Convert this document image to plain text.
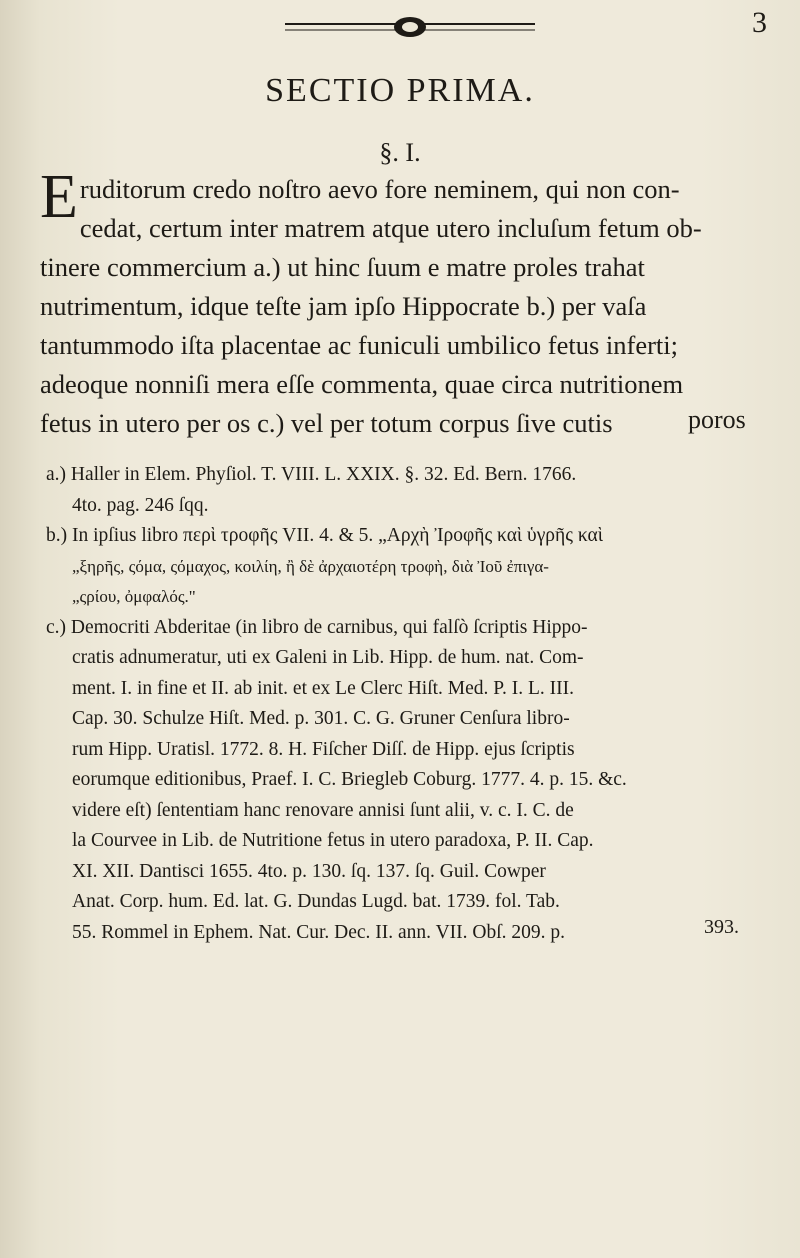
3
SECTIO PRIMA.
§. I.
E ruditorum credo noſtro aevo fore neminem, qui non con-
cedat, certum inter matrem atque utero incluſum fetum ob-
tinere commercium a.) ut hinc ſuum e matre proles trahat
nutrimentum, idque teſte jam ipſo Hippocrate b.) per vaſa
tantummodo iſta placentae ac funiculi umbilico fetus inferti;
adeoque nonniſi mera eſſe commenta, quae circa nutritionem
fetus in utero per os c.) vel per totum corpus ſive cutis	poros
a.) Haller in Elem. Phyſiol. T. VIII. L. XXIX. §. 32. Ed. Bern. 1766.
4to. pag. 246 ſqq.
b.) In ipſius libro περὶ τροφῆς VII. 4. & 5. „Αρχὴ Ἰροφῆς καὶ ὑγρῆς καὶ
„ξηρῆς, ςόμα, ςόμαχος, κοιλίη, ἢ δὲ ἀρχαιοτέρη τροφὴ, διὰ Ἰοῦ ἐπιγα-
„ςρίου, ὀμφαλός."
c.) Democriti Abderitae (in libro de carnibus, qui falſò ſcriptis Hippo-
cratis adnumeratur, uti ex Galeni in Lib. Hipp. de hum. nat. Com-
ment. I. in fine et II. ab init. et ex Le Clerc Hiſt. Med. P. I. L. III.
Cap. 30. Schulze Hiſt. Med. p. 301. C. G. Gruner Cenſura libro-
rum Hipp. Uratisl. 1772. 8. H. Fiſcher Diſſ. de Hipp. ejus ſcriptis
eorumque editionibus, Praef. I. C. Briegleb Coburg. 1777. 4. p. 15. &c.
videre eſt) ſententiam hanc renovare annisi ſunt alii, v. c. I. C. de
la Courvee in Lib. de Nutritione fetus in utero paradoxa, P. II. Cap.
XI. XII. Dantisci 1655. 4to. p. 130. ſq. 137. ſq. Guil. Cowper
Anat. Corp. hum. Ed. lat. G. Dundas Lugd. bat. 1739. fol. Tab.
55. Rommel in Ephem. Nat. Cur. Dec. II. ann. VII. Obſ. 209. p.	393.
